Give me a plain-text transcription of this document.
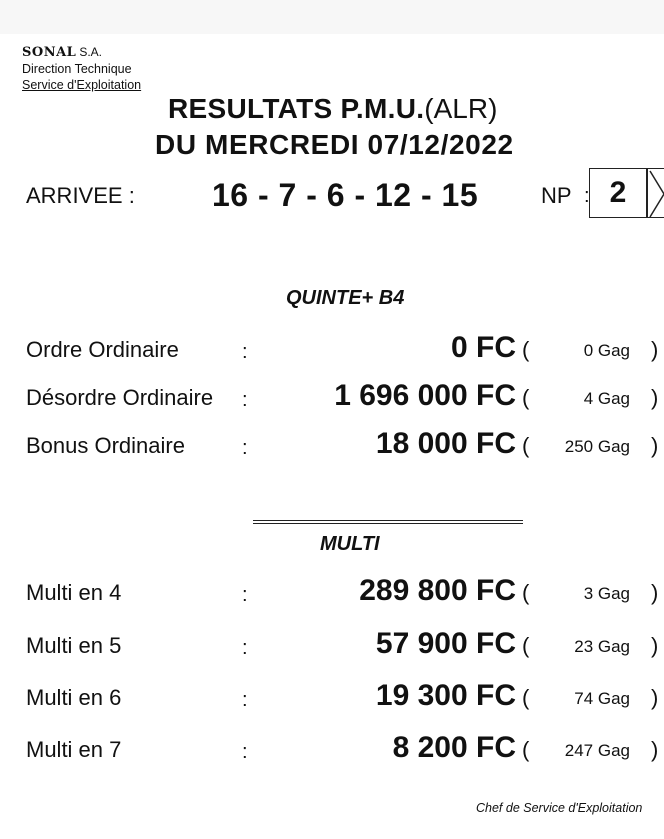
SONAL S.A.
Direction Technique
Service d'Exploitation
RESULTATS P.M.U.(ALR)
DU MERCREDI 07/12/2022
ARRIVEE : 16 - 7 - 6 - 12 - 15	NP : 2
QUINTE+ B4
Ordre Ordinaire	:	0 FC (	0 Gag )
Désordre Ordinaire :	1 696 000 FC (	4 Gag )
Bonus Ordinaire	:	18 000 FC ( 250 Gag )
MULTI
Multi en 4	:	289 800 FC (	3 Gag )
Multi en 5	:	57 900 FC (	23 Gag )
Multi en 6	:	19 300 FC (	74 Gag )
Multi en 7	:	8 200 FC ( 247 Gag )
Chef de Service d'Exploitation
